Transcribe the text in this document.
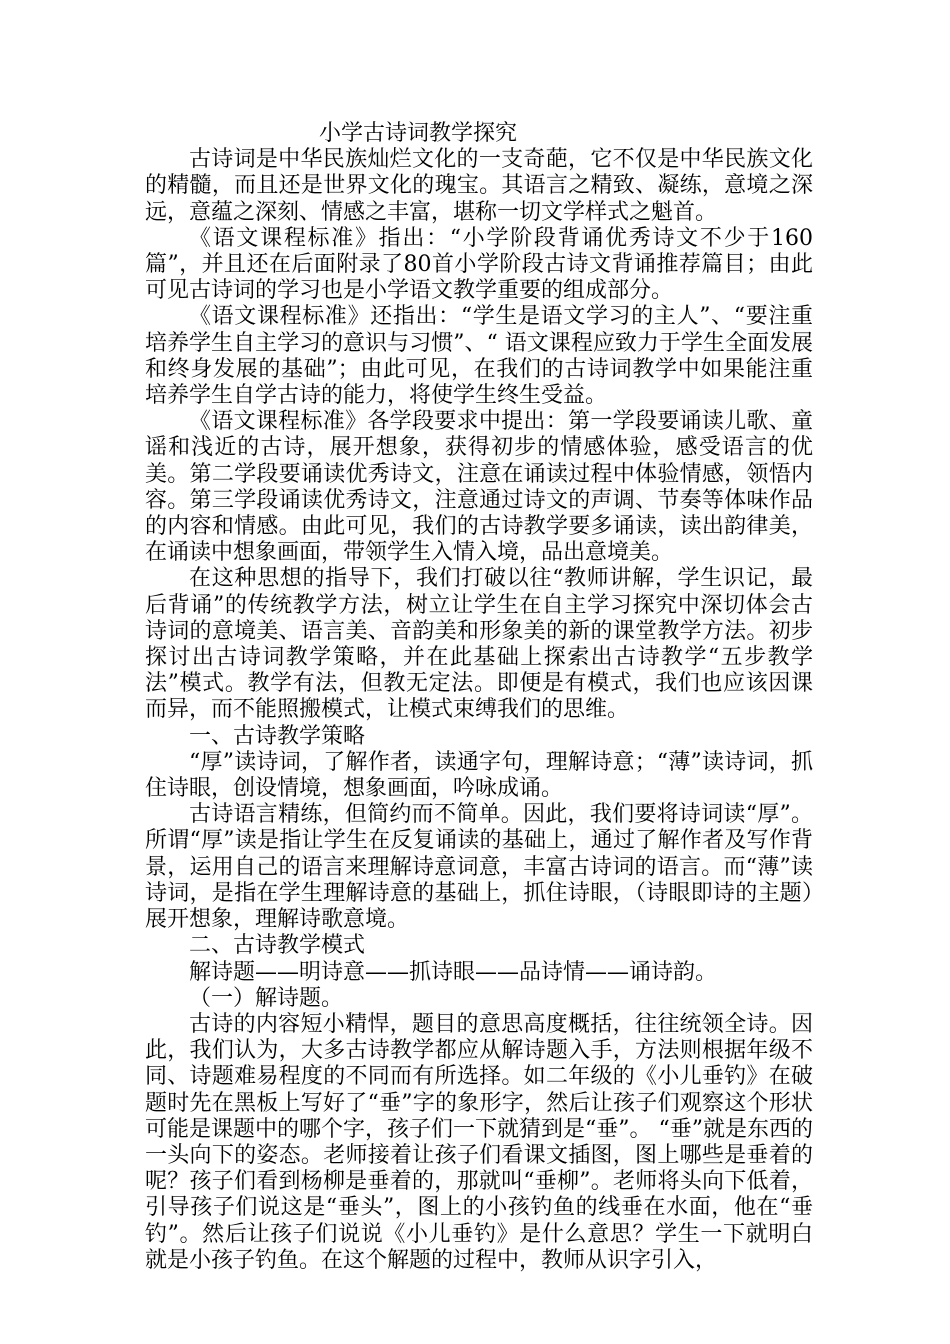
小学古诗词教学探究

古诗词是中华民族灿烂文化的一支奇葩，它不仅是中华民族文化的精髓，而且还是世界文化的瑰宝。其语言之精致、凝练，意境之深远，意蕴之深刻、情感之丰富，堪称一切文学样式之魁首。

《语文课程标准》指出：“小学阶段背诵优秀诗文不少于160篇”，并且还在后面附录了80首小学阶段古诗文背诵推荐篇目；由此可见古诗词的学习也是小学语文教学重要的组成部分。

《语文课程标准》还指出：“学生是语文学习的主人”、“要注重培养学生自主学习的意识与习惯”、“ 语文课程应致力于学生全面发展和终身发展的基础”；由此可见，在我们的古诗词教学中如果能注重培养学生自学古诗的能力，将使学生终生受益。

《语文课程标准》各学段要求中提出：第一学段要诵读儿歌、童谣和浅近的古诗，展开想象，获得初步的情感体验，感受语言的优美。第二学段要诵读优秀诗文，注意在诵读过程中体验情感，领悟内容。第三学段诵读优秀诗文，注意通过诗文的声调、节奏等体味作品的内容和情感。由此可见，我们的古诗教学要多诵读，读出韵律美，在诵读中想象画面，带领学生入情入境，品出意境美。

在这种思想的指导下，我们打破以往“教师讲解，学生识记，最后背诵”的传统教学方法，树立让学生在自主学习探究中深切体会古诗词的意境美、语言美、音韵美和形象美的新的课堂教学方法。初步探讨出古诗词教学策略，并在此基础上探索出古诗教学“五步教学法”模式。教学有法，但教无定法。即便是有模式，我们也应该因课而异，而不能照搬模式，让模式束缚我们的思维。

一、古诗教学策略

“厚”读诗词，了解作者，读通字句，理解诗意；“薄”读诗词，抓住诗眼，创设情境，想象画面，吟咏成诵。

古诗语言精练，但简约而不简单。因此，我们要将诗词读“厚”。所谓“厚”读是指让学生在反复诵读的基础上，通过了解作者及写作背景，运用自己的语言来理解诗意词意，丰富古诗词的语言。而“薄”读诗词，是指在学生理解诗意的基础上，抓住诗眼，（诗眼即诗的主题）展开想象，理解诗歌意境。

二、古诗教学模式

解诗题——明诗意——抓诗眼——品诗情——诵诗韵。

（一）解诗题。

古诗的内容短小精悍，题目的意思高度概括，往往统领全诗。因此，我们认为，大多古诗教学都应从解诗题入手，方法则根据年级不同、诗题难易程度的不同而有所选择。如二年级的《小儿垂钓》在破题时先在黑板上写好了“垂”字的象形字，然后让孩子们观察这个形状可能是课题中的哪个字，孩子们一下就猜到是“垂”。 “垂”就是东西的一头向下的姿态。老师接着让孩子们看课文插图，图上哪些是垂着的呢？孩子们看到杨柳是垂着的，那就叫“垂柳”。老师将头向下低着，引导孩子们说这是“垂头”，图上的小孩钓鱼的线垂在水面，他在“垂钓”。然后让孩子们说说《小儿垂钓》是什么意思？学生一下就明白就是小孩子钓鱼。在这个解题的过程中，教师从识字引入，
